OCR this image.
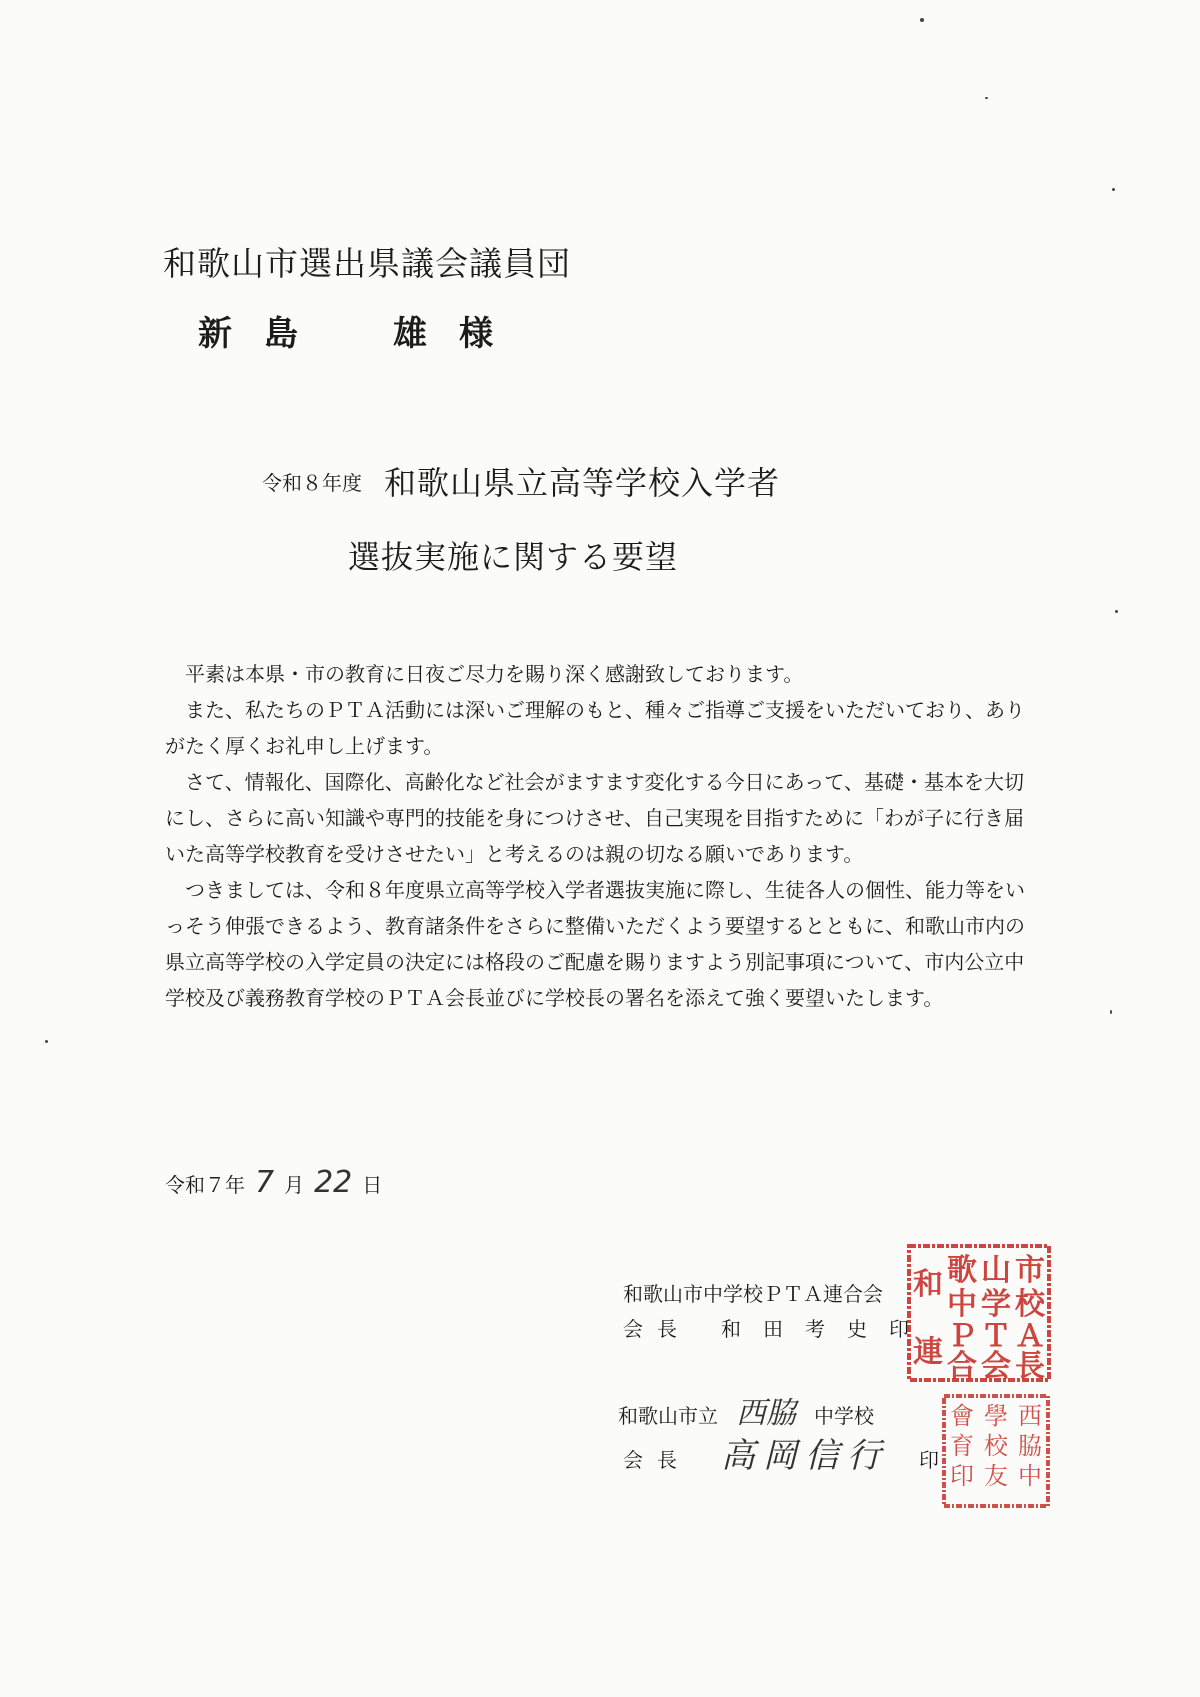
和歌山市選出県議会議員団
新 島	雄 様
令和８年度 和歌山県立高等学校入学者
選抜実施に関する要望

平素は本県・市の教育に日夜ご尽力を賜り深く感謝致しております。

また、私たちのＰＴＡ活動には深いご理解のもと、種々ご指導ご支援をいただいており、ありがたく厚くお礼申し上げます。

さて、情報化、国際化、高齢化など社会がますます変化する今日にあって、基礎・基本を大切にし、さらに高い知識や専門的技能を身につけさせ、自己実現を目指すために「わが子に行き届いた高等学校教育を受けさせたい」と考えるのは親の切なる願いであります。

つきましては、令和８年度県立高等学校入学者選抜実施に際し、生徒各人の個性、能力等をいっそう伸張できるよう、教育諸条件をさらに整備いただくよう要望するとともに、和歌山市内の県立高等学校の入学定員の決定には格段のご配慮を賜りますよう別記事項について、市内公立中学校及び義務教育学校のＰＴＡ会長並びに学校長の署名を添えて強く要望いたします。

令和７年 7 月 22 日
和歌山市中学校ＰＴＡ連合会
会長 和田考史印
和歌山市立 西脇 中学校
会長 高岡信行 印
市
校
Ａ
長
山
学
Ｔ
会
歌
中
Ｐ
合
和
連
西
脇
中
學
校
友
會
育
印
